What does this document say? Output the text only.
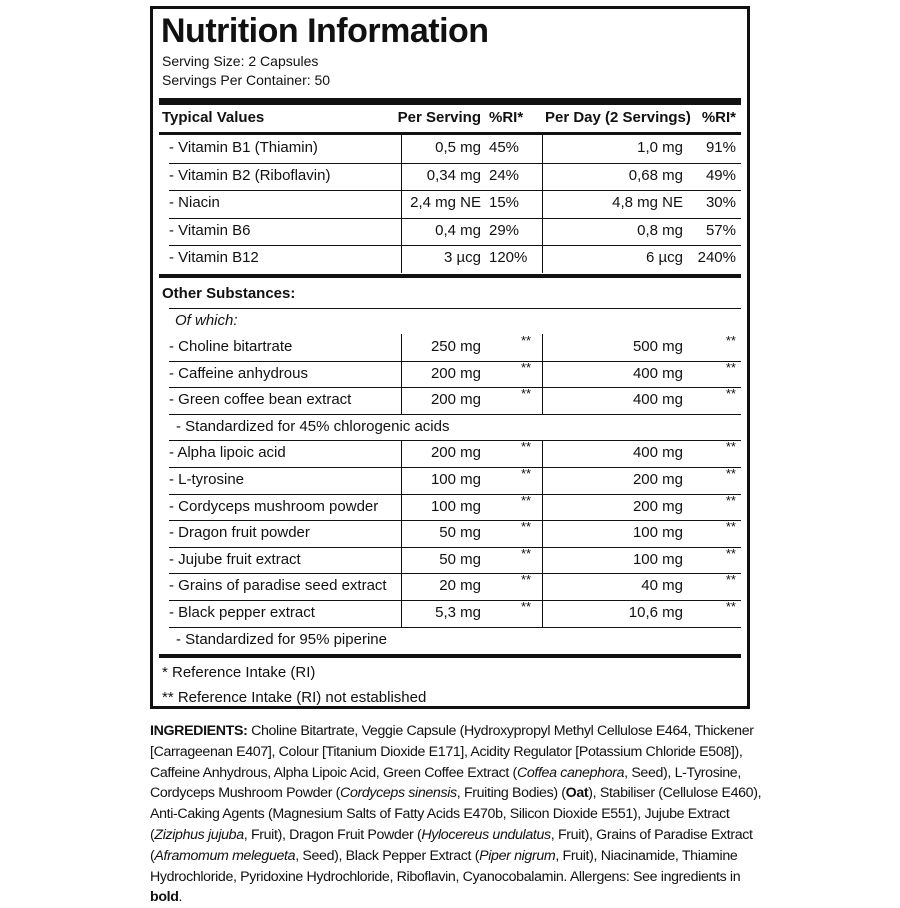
Nutrition Information
Serving Size: 2 Capsules
Servings Per Container: 50
Typical Values	Per Serving %RI* Per Day (2 Servings) %RI*
- Vitamin B1 (Thiamin)	0,5 mg 45%	1,0 mg 91%
- Vitamin B2 (Riboflavin)	0,34 mg 24%	0,68 mg 49%
- Niacin	2,4 mg NE 15%	4,8 mg NE 30%
- Vitamin B6	0,4 mg 29%	0,8 mg 57%
- Vitamin B12	3 µcg 120%	6 µcg 240%
Other Substances:
Of which:
- Choline bitartrate	250 mg	**	500 mg	**
- Caffeine anhydrous	200 mg	**	400 mg	**
- Green coffee bean extract	200 mg	**	400 mg	**
- Standardized for 45% chlorogenic acids
- Alpha lipoic acid	200 mg	**	400 mg	**
- L-tyrosine	100 mg	**	200 mg	**
- Cordyceps mushroom powder	100 mg	**	200 mg	**
- Dragon fruit powder	50 mg	**	100 mg	**
- Jujube fruit extract	50 mg	**	100 mg	**
- Grains of paradise seed extract	20 mg	**	40 mg	**
- Black pepper extract	5,3 mg	**	10,6 mg	**
- Standardized for 95% piperine
* Reference Intake (RI)
** Reference Intake (RI) not established
INGREDIENTS: Choline Bitartrate, Veggie Capsule (Hydroxypropyl Methyl Cellulose E464, Thickener [Carrageenan E407], Colour [Titanium Dioxide E171], Acidity Regulator [Potassium Chloride E508]), Caffeine Anhydrous, Alpha Lipoic Acid, Green Coffee Extract (Coffea canephora, Seed), L-Tyrosine, Cordyceps Mushroom Powder (Cordyceps sinensis, Fruiting Bodies) (Oat), Stabiliser (Cellulose E460), Anti-Caking Agents (Magnesium Salts of Fatty Acids E470b, Silicon Dioxide E551), Jujube Extract (Ziziphus jujuba, Fruit), Dragon Fruit Powder (Hylocereus undulatus, Fruit), Grains of Paradise Extract (Aframomum melegueta, Seed), Black Pepper Extract (Piper nigrum, Fruit), Niacinamide, Thiamine Hydrochloride, Pyridoxine Hydrochloride, Riboflavin, Cyanocobalamin. Allergens: See ingredients in bold.
